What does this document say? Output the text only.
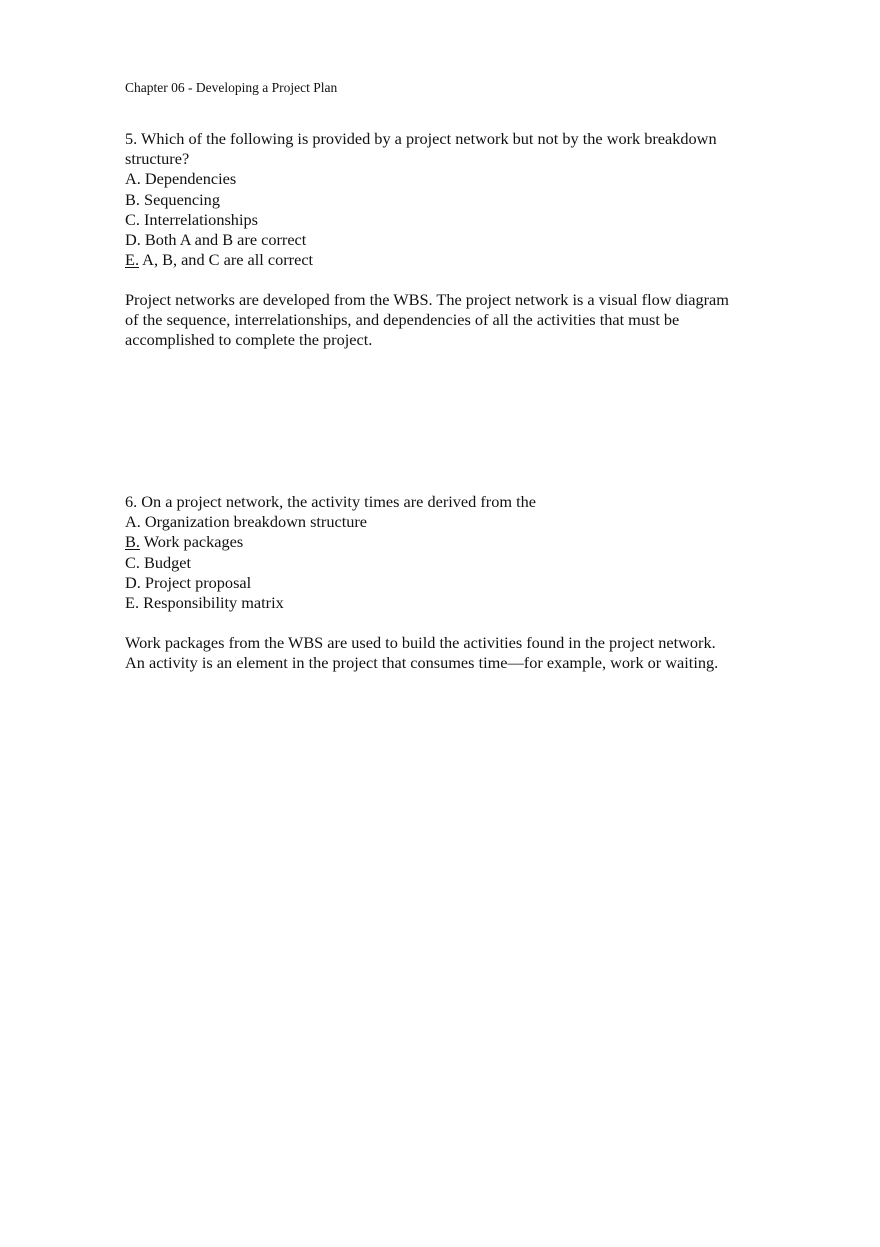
Chapter 06 - Developing a Project Plan
5. Which of the following is provided by a project network but not by the work breakdown
structure?
A. Dependencies
B. Sequencing
C. Interrelationships
D. Both A and B are correct
E. A, B, and C are all correct
Project networks are developed from the WBS. The project network is a visual flow diagram
of the sequence, interrelationships, and dependencies of all the activities that must be
accomplished to complete the project.
6. On a project network, the activity times are derived from the
A. Organization breakdown structure
B. Work packages
C. Budget
D. Project proposal
E. Responsibility matrix
Work packages from the WBS are used to build the activities found in the project network.
An activity is an element in the project that consumes time—for example, work or waiting.
